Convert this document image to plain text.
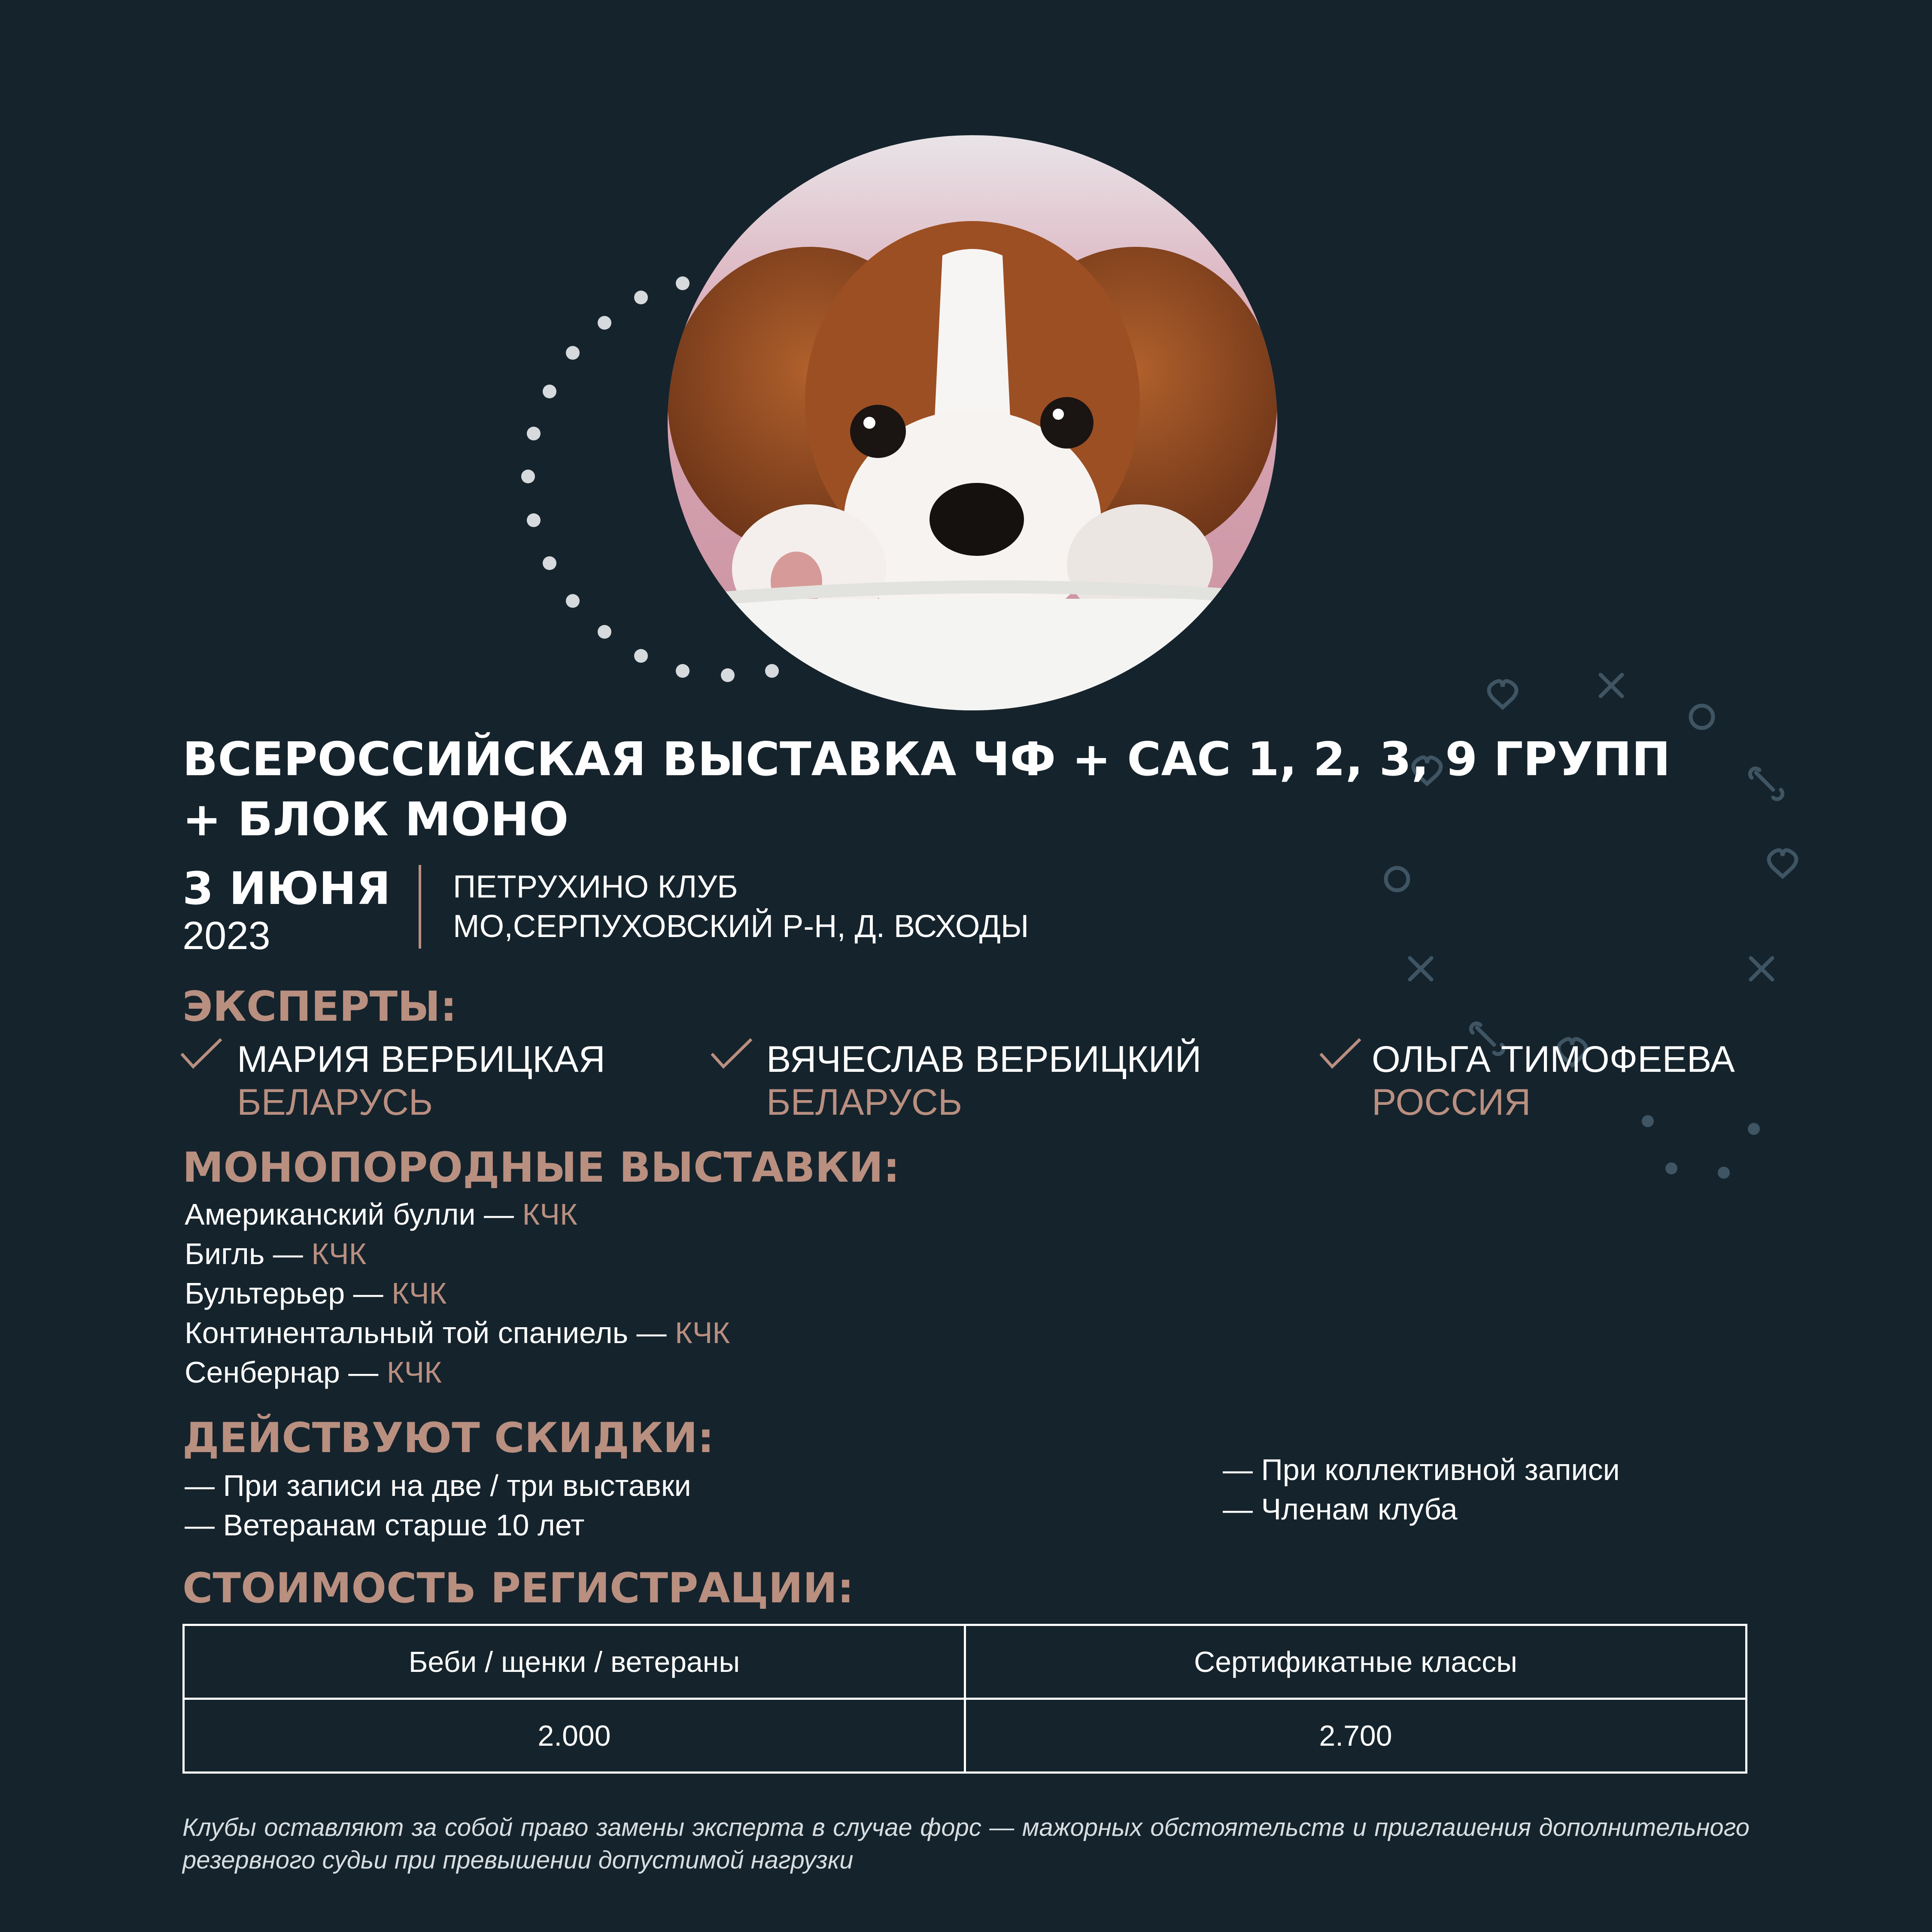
ВСЕРОССИЙСКАЯ ВЫСТАВКА ЧФ + САС 1, 2, 3, 9 ГРУПП
+ БЛОК МОНО
3 ИЮНЯ
2023
ПЕТРУХИНО КЛУБ
МО,СЕРПУХОВСКИЙ Р-Н, Д. ВСХОДЫ
ЭКСПЕРТЫ:
МАРИЯ ВЕРБИЦКАЯ
БЕЛАРУСЬ
ВЯЧЕСЛАВ ВЕРБИЦКИЙ
БЕЛАРУСЬ
ОЛЬГА ТИМОФЕЕВА
РОССИЯ
МОНОПОРОДНЫЕ ВЫСТАВКИ:
Американский булли — КЧК
Бигль — КЧК
Бультерьер — КЧК
Континентальный той спаниель — КЧК
Сенбернар — КЧК
ДЕЙСТВУЮТ СКИДКИ:
— При записи на две / три выставки
— Ветеранам старше 10 лет
— При коллективной записи
— Членам клуба
СТОИМОСТЬ РЕГИСТРАЦИИ:
Беби / щенки / ветераны	Сертификатные классы
2.000	2.700
Клубы оставляют за собой право замены эксперта в случае форс — мажорных обстоятельств и приглашения дополнительного резервного судьи при превышении допустимой нагрузки
